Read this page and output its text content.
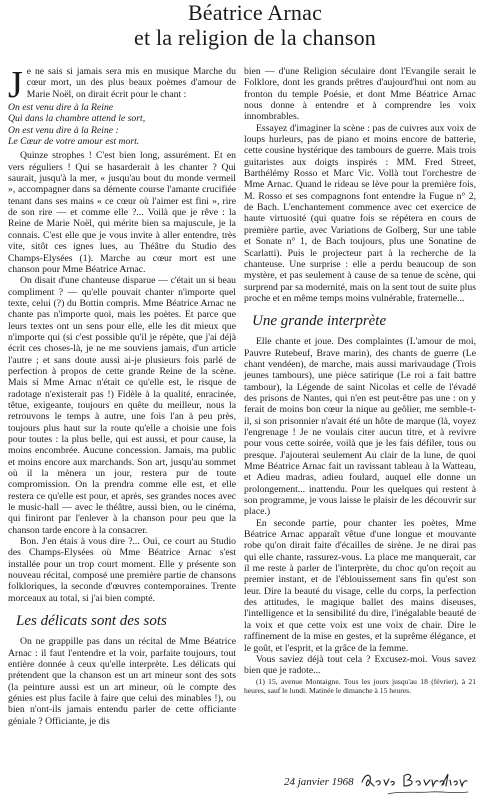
Béatrice Arnac
et la religion de la chanson

Je ne sais si jamais sera mis en musique Marche du cœur mort, un des plus beaux poèmes d'amour de Marie Noël, on dirait écrit pour le chant :

On est venu dire à la Reine
Qui dans la chambre attend le sort,
On est venu dire à la Reine :
Le Cœur de votre amour est mort.

Quinze strophes ! C'est bien long, assurément. Et en vers réguliers ! Qui se hasarderait à les chanter ? Qui saurait, jusqu'à la mer, « jusqu'au bout du monde vermeil », accompagner dans sa démente course l'amante crucifiée tenant dans ses mains « ce cœur où l'aimer est fini », rire de son rire — et comme elle ?... Voilà que je rêve : la Reine de Marie Noël, qui mérite bien sa majuscule, je la connais. C'est elle que je vous invite à aller entendre, très vite, sitôt ces ignes lues, au Théâtre du Studio des Champs-Elysées (1). Marche au cœur mort est une chanson pour Mme Béatrice Arnac.

On disait d'une chanteuse disparue — c'était un si beau compliment ? — qu'elle pouvait chanter n'importe quel texte, celui (?) du Bottin compris. Mme Béatrice Arnac ne chante pas n'importe quoi, mais les poètes. Et parce que leurs textes ont un sens pour elle, elle les dit mieux que n'importe qui (si c'est possible qu'il je répète, que j'ai déjà écrit ces choses-là, je ne me souviens jamais, d'un article l'autre ; et sans doute aussi ai-je plusieurs fois parlé de perfection à propos de cette grande Reine de la scène. Mais si Mme Arnac n'était ce qu'elle est, le risque de radotage n'existerait pas !) Fidèle à la qualité, enracinée, têtue, exigeante, toujours en quête du meilleur, nous la retrouvons le temps à autre, une fois l'an à peu près, toujours plus haut sur la route qu'elle a choisie une fois pour toutes : la plus belle, qui est aussi, et pour cause, la moins encombrée. Aucune concession. Jamais, ma public et moins encore aux marchands. Son art, jusqu'au sommet où il la mènera un jour, restera pur de toute compromission. On la prendra comme elle est, et elle restera ce qu'elle est pour, et après, ses grandes noces avec le music-hall — avec le théâtre, aussi bien, ou le cinéma, qui finiront par l'enlever à la chanson pour peu que la chanson tarde encore à la consacrer.

Bon. J'en étais à vous dire ?... Oui, ce court au Studio des Champs-Elysées où Mme Béatrice Arnac s'est installée pour un trop court moment. Elle y présente son nouveau récital, composé une première partie de chansons folkloriques, la seconde d'œuvres contemporaines. Trente morceaux au total, si j'ai bien compté.

Les délicats sont des sots

On ne grappille pas dans un récital de Mme Béatrice Arnac : il faut l'entendre et la voir, parfaite toujours, tout entière donnée à ceux qu'elle interprète. Les délicats qui prétendent que la chanson est un art mineur sont des sots (la peinture aussi est un art mineur, où le compte des génies est plus facile à faire que celui des minables !), ou bien n'ont-ils jamais entendu parler de cette officiante géniale ? Officiante, je dis

bien — d'une Religion séculaire dont l'Evangile serait le Folklore, dont les grands prêtres d'aujourd'hui ont nom au fronton du temple Poésie, et dont Mme Béatrice Arnac nous donne à entendre et à comprendre les voix innombrables.

Essayez d'imaginer la scène : pas de cuivres aux voix de loups hurleurs, pas de piano et moins encore de batterie, cette cousine hystérique des tambours de guerre. Mais trois guitaristes aux doigts inspirés : MM. Fred Street, Barthélémy Rosso et Marc Vic. Vollà tout l'orchestre de Mme Arnac. Quand le rideau se lève pour la première fois, M. Rosso et ses compagnons font entendre la Fugue n° 2, de Bach. L'enchantement commence avec cet exercice de haute virtuosité (qui quatre fois se répétera en cours de première partie, avec Variations de Golberg, Sur une table et Sonate n° 1, de Bach toujours, plus une Sonatine de Scarlatti). Puis le projecteur part à la recherche de la chanteuse. Une surprise : elle a perdu beaucoup de son mystère, et pas seulement à cause de sa tenue de scène, qui surprend par sa modernité, mais on la sent tout de suite plus proche et en même temps moins vulnérable, fraternelle...

Une grande interprète

Elle chante et joue. Des complaintes (L'amour de moi, Pauvre Rutebeuf, Brave marin), des chants de guerre (Le chant vendéen), de marche, mais aussi marivaudage (Trois jeunes tambours), une pièce satirique (Le roi a fait battre tambour), la Légende de saint Nicolas et celle de l'évadé des prisons de Nantes, qui n'en est peut-être pas une : on y ferait de moins bon cœur la nique au geôlier, me semble-t-il, si son prisonnier n'avait été un hôte de marque (là, voyez l'engrenage ! Je ne voulais citer aucun titre, et à revivre pour vous cette soirée, voilà que je les fais défiler, tous ou presque. J'ajouterai seulement Au clair de la lune, de quoi Mme Béatrice Arnac fait un ravissant tableau à la Watteau, et Adieu madras, adieu foulard, auquel elle donne un prolongement... inattendu. Pour les quelques qui restent à son programme, je vous laisse le plaisir de les découvrir sur place.)

En seconde partie, pour chanter les poètes, Mme Béatrice Arnac apparaît vêtue d'une longue et mouvante robe qu'on dirait faite d'écailles de sirène. Je ne dirai pas qui elle chante, rassurez-vous. La place me manquerait, car il me reste à parler de l'interprète, du choc qu'on reçoit au premier instant, et de l'éblouissement sans fin qu'est son leur. Dire la beauté du visage, celle du corps, la perfection des attitudes, le magique ballet des mains diseuses, l'intelligence et la sensibilité du dire, l'inégalable beauté de la voix et que cette voix est une voix de chair. Dire le raffinement de la mise en gestes, et la suprême élégance, et le goût, et l'esprit, et la grâce de la femme.

Vous saviez déjà tout cela ? Excusez-moi. Vous savez bien que je radote...

(1) 15, avenue Montaigne. Tous les jours jusqu'au 18 (février), à 21 heures, sauf le lundi. Matinée le dimanche à 15 heures.

24 janvier 1968
